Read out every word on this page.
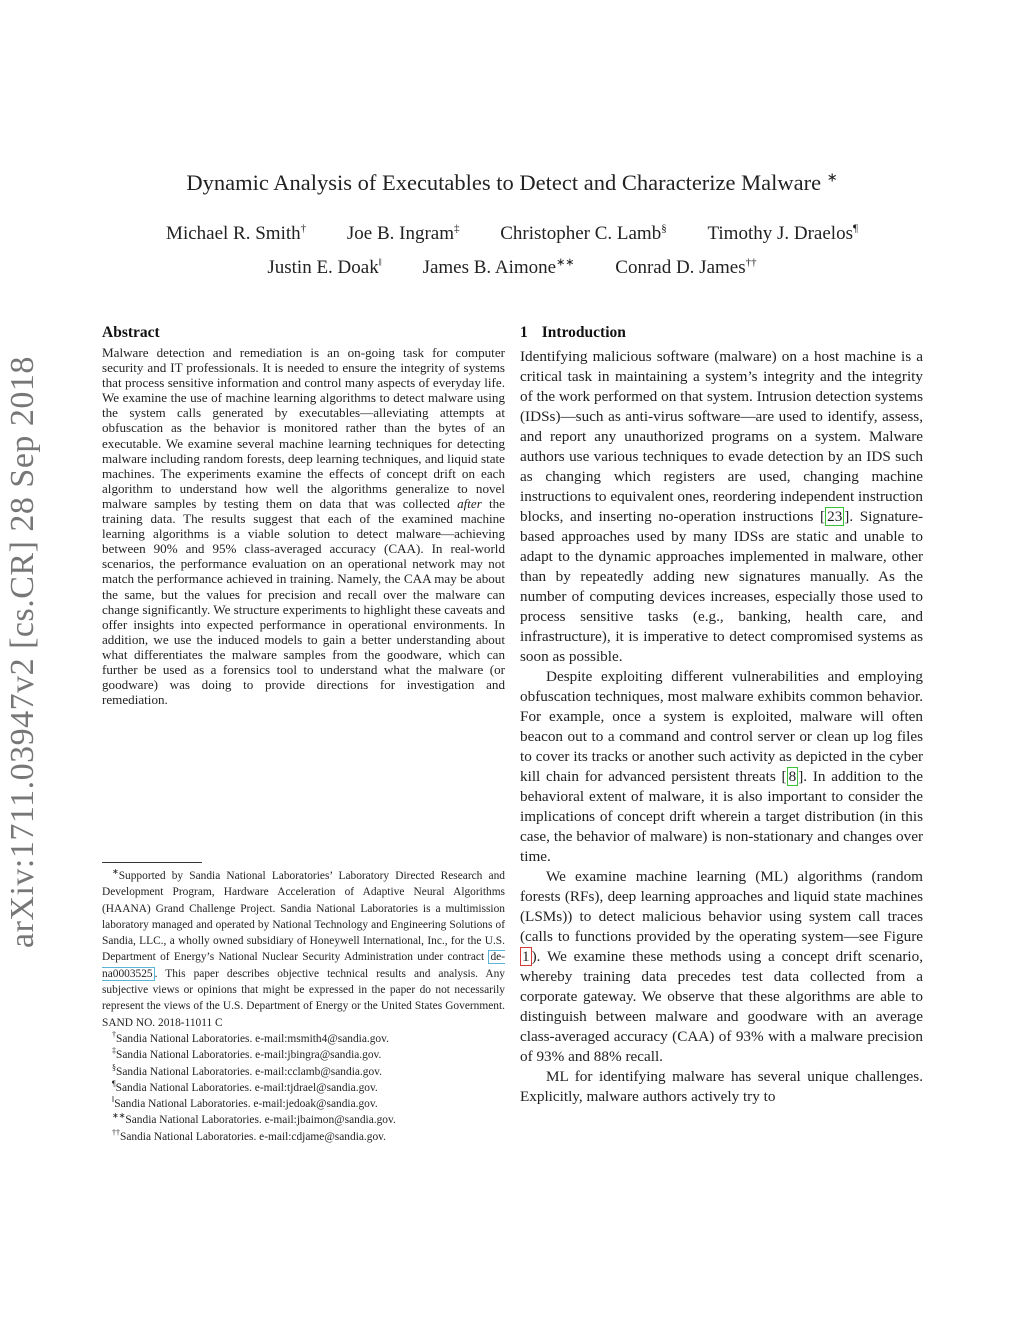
arXiv:1711.03947v2 [cs.CR] 28 Sep 2018
Dynamic Analysis of Executables to Detect and Characterize Malware ∗
Michael R. Smith† Joe B. Ingram‡ Christopher C. Lamb§ Timothy J. Draelos¶
Justin E. Doak‖ James B. Aimone∗∗ Conrad D. James††
Abstract

Malware detection and remediation is an on-going task for computer security and IT professionals. It is needed to ensure the integrity of systems that process sensitive information and control many aspects of everyday life. We examine the use of machine learning algorithms to detect malware using the system calls generated by executables—alleviating attempts at obfuscation as the behavior is monitored rather than the bytes of an executable. We examine several machine learning techniques for detecting malware including random forests, deep learning techniques, and liquid state machines. The experiments examine the effects of concept drift on each algorithm to understand how well the algorithms generalize to novel malware samples by testing them on data that was collected after the training data. The results suggest that each of the examined machine learning algorithms is a viable solution to detect malware—achieving between 90% and 95% class-averaged accuracy (CAA). In real-world scenarios, the performance evaluation on an operational network may not match the performance achieved in training. Namely, the CAA may be about the same, but the values for precision and recall over the malware can change significantly. We structure experiments to highlight these caveats and offer insights into expected performance in operational environments. In addition, we use the induced models to gain a better understanding about what differentiates the malware samples from the goodware, which can further be used as a forensics tool to understand what the malware (or goodware) was doing to provide directions for investigation and remediation.

∗Supported by Sandia National Laboratories’ Laboratory Directed Research and Development Program, Hardware Acceleration of Adaptive Neural Algorithms (HAANA) Grand Challenge Project. Sandia National Laboratories is a multimission laboratory managed and operated by National Technology and Engineering Solutions of Sandia, LLC., a wholly owned subsidiary of Honeywell International, Inc., for the U.S. Department of Energy’s National Nuclear Security Administration under contract de-na0003525 . This paper describes objective technical results and analysis. Any subjective views or opinions that might be expressed in the paper do not necessarily represent the views of the U.S. Department of Energy or the United States Government. SAND NO. 2018-11011 C

†Sandia National Laboratories. e-mail:msmith4@sandia.gov.

‡Sandia National Laboratories. e-mail:jbingra@sandia.gov.

§Sandia National Laboratories. e-mail:cclamb@sandia.gov.

¶Sandia National Laboratories. e-mail:tjdrael@sandia.gov.

‖Sandia National Laboratories. e-mail:jedoak@sandia.gov.

∗∗Sandia National Laboratories. e-mail:jbaimon@sandia.gov.

††Sandia National Laboratories. e-mail:cdjame@sandia.gov.

1 Introduction

Identifying malicious software (malware) on a host machine is a critical task in maintaining a system’s integrity and the integrity of the work performed on that system. Intrusion detection systems (IDSs)—such as anti-virus software—are used to identify, assess, and report any unauthorized programs on a system. Malware authors use various techniques to evade detection by an IDS such as changing which registers are used, changing machine instructions to equivalent ones, reordering independent instruction blocks, and inserting no-operation instructions [ 23 ]. Signature-based approaches used by many IDSs are static and unable to adapt to the dynamic approaches implemented in malware, other than by repeatedly adding new signatures manually. As the number of computing devices increases, especially those used to process sensitive tasks (e.g., banking, health care, and infrastructure), it is imperative to detect compromised systems as soon as possible.

Despite exploiting different vulnerabilities and employing obfuscation techniques, most malware exhibits common behavior. For example, once a system is exploited, malware will often beacon out to a command and control server or clean up log files to cover its tracks or another such activity as depicted in the cyber kill chain for advanced persistent threats [ 8 ]. In addition to the behavioral extent of malware, it is also important to consider the implications of concept drift wherein a target distribution (in this case, the behavior of malware) is non-stationary and changes over time.

We examine machine learning (ML) algorithms (random forests (RFs), deep learning approaches and liquid state machines (LSMs)) to detect malicious behavior using system call traces (calls to functions provided by the operating system—see Figure 1 ). We examine these methods using a concept drift scenario, whereby training data precedes test data collected from a corporate gateway. We observe that these algorithms are able to distinguish between malware and goodware with an average class-averaged accuracy (CAA) of 93% with a malware precision of 93% and 88% recall.

ML for identifying malware has several unique challenges. Explicitly, malware authors actively try to
